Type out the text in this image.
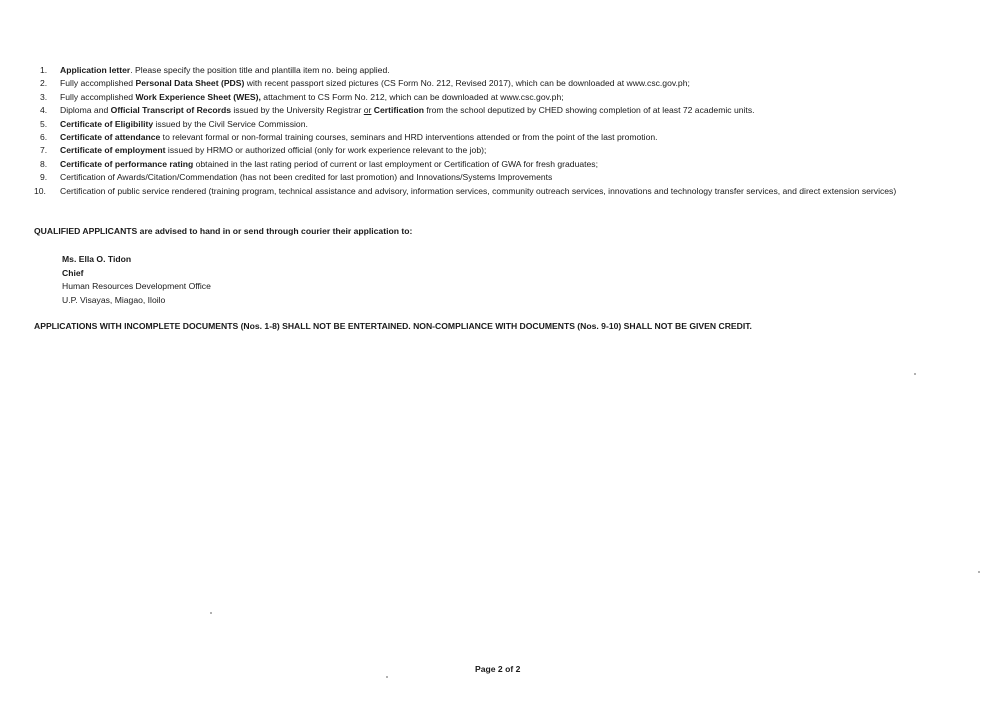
1.	Application letter. Please specify the position title and plantilla item no. being applied.
2.	Fully accomplished Personal Data Sheet (PDS) with recent passport sized pictures (CS Form No. 212, Revised 2017), which can be downloaded at www.csc.gov.ph;
3.	Fully accomplished Work Experience Sheet (WES), attachment to CS Form No. 212, which can be downloaded at www.csc.gov.ph;
4.	Diploma and Official Transcript of Records issued by the University Registrar or Certification from the school deputized by CHED showing completion of at least 72 academic units.
5.	Certificate of Eligibility issued by the Civil Service Commission.
6.	Certificate of attendance to relevant formal or non-formal training courses, seminars and HRD interventions attended or from the point of the last promotion.
7.	Certificate of employment issued by HRMO or authorized official (only for work experience relevant to the job);
8.	Certificate of performance rating obtained in the last rating period of current or last employment or Certification of GWA for fresh graduates;
9.	Certification of Awards/Citation/Commendation (has not been credited for last promotion) and Innovations/Systems Improvements
10.	Certification of public service rendered (training program, technical assistance and advisory, information services, community outreach services, innovations and technology transfer services, and direct extension services)
QUALIFIED APPLICANTS are advised to hand in or send through courier their application to:
Ms. Ella O. Tidon
Chief
Human Resources Development Office
U.P. Visayas, Miagao, Iloilo
APPLICATIONS WITH INCOMPLETE DOCUMENTS (Nos. 1-8) SHALL NOT BE ENTERTAINED. NON-COMPLIANCE WITH DOCUMENTS (Nos. 9-10) SHALL NOT BE GIVEN CREDIT.
Page 2 of 2
